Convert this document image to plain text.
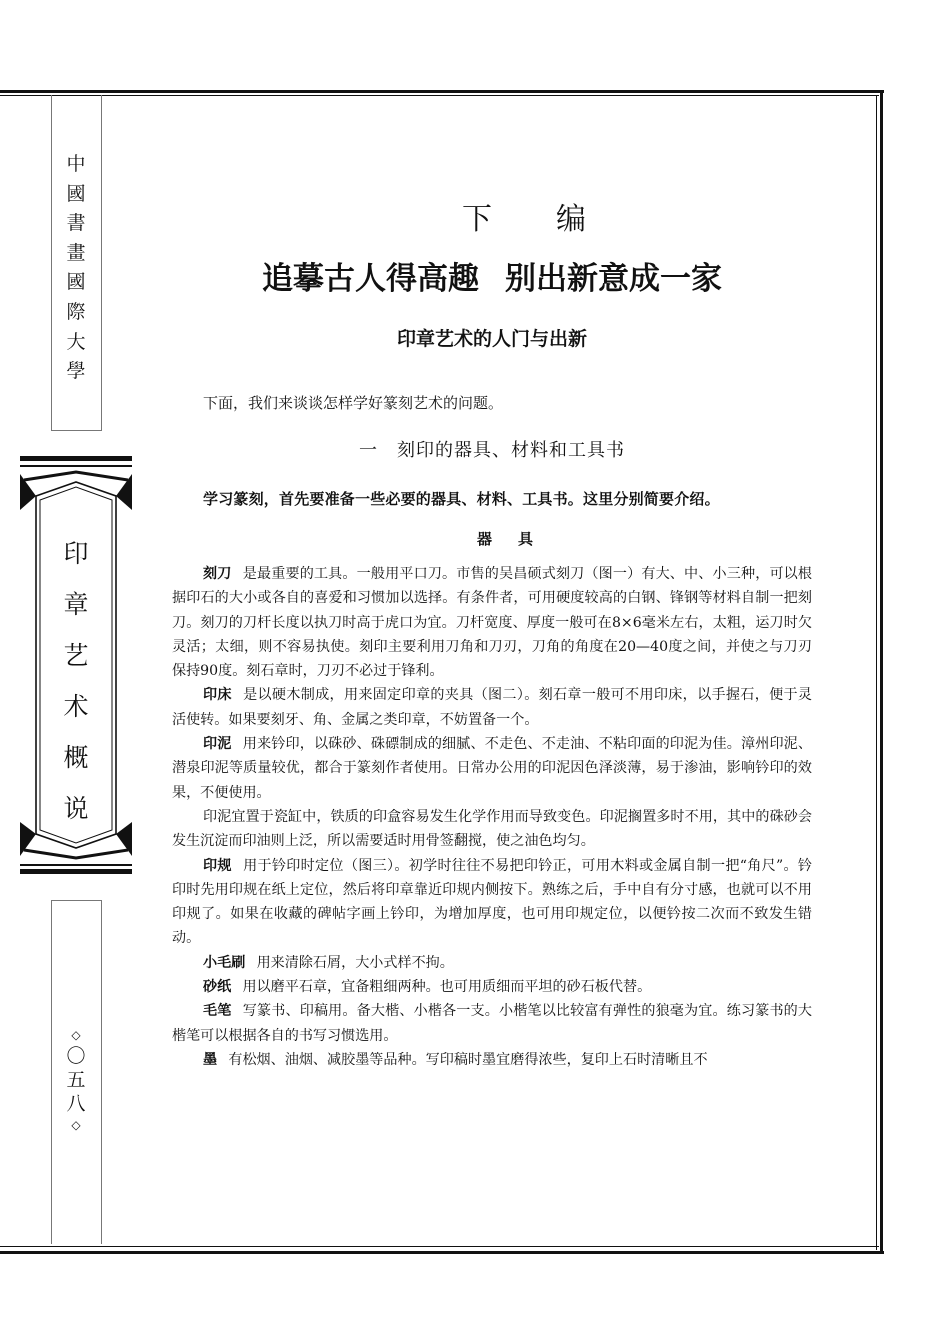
中
國
書
畫
國
際
大
學
印
章
艺
术
概
说
◇
〇
五
八
◇
下编
追摹古人得高趣 别出新意成一家
印章艺术的人门与出新
下面，我们来谈谈怎样学好篆刻艺术的问题。
一　刻印的器具、材料和工具书
学习篆刻，首先要准备一些必要的器具、材料、工具书。这里分别简要介绍。
器具

刻刀 是最重要的工具。一般用平口刀。市售的吴昌硕式刻刀（图一）有大、中、小三种，可以根据印石的大小或各自的喜爱和习惯加以选择。有条件者，可用硬度较高的白钢、锋钢等材料自制一把刻刀。刻刀的刀杆长度以执刀时高于虎口为宜。刀杆宽度、厚度一般可在8×6毫米左右，太粗，运刀时欠灵活；太细，则不容易执使。刻印主要利用刀角和刀刃，刀角的角度在20—40度之间，并使之与刀刃保持90度。刻石章时，刀刃不必过于锋利。

印床 是以硬木制成，用来固定印章的夹具（图二）。刻石章一般可不用印床，以手握石，便于灵活使转。如果要刻牙、角、金属之类印章，不妨置备一个。

印泥 用来钤印，以硃砂、硃磦制成的细腻、不走色、不走油、不粘印面的印泥为佳。漳州印泥、潜泉印泥等质量较优，都合于篆刻作者使用。日常办公用的印泥因色泽淡薄，易于渗油，影响钤印的效果，不便使用。

印泥宜置于瓷缸中，铁质的印盒容易发生化学作用而导致变色。印泥搁置多时不用，其中的硃砂会发生沉淀而印油则上泛，所以需要适时用骨签翻搅，使之油色均匀。

印规 用于钤印时定位（图三）。初学时往往不易把印钤正，可用木料或金属自制一把“角尺”。钤印时先用印规在纸上定位，然后将印章靠近印规内侧按下。熟练之后，手中自有分寸感，也就可以不用印规了。如果在收藏的碑帖字画上钤印，为增加厚度，也可用印规定位，以便钤按二次而不致发生错动。

小毛刷 用来清除石屑，大小式样不拘。

砂纸 用以磨平石章，宜备粗细两种。也可用质细而平坦的砂石板代替。

毛笔 写篆书、印稿用。备大楷、小楷各一支。小楷笔以比较富有弹性的狼毫为宜。练习篆书的大楷笔可以根据各自的书写习惯选用。

墨 有松烟、油烟、减胶墨等品种。写印稿时墨宜磨得浓些，复印上石时清晰且不
